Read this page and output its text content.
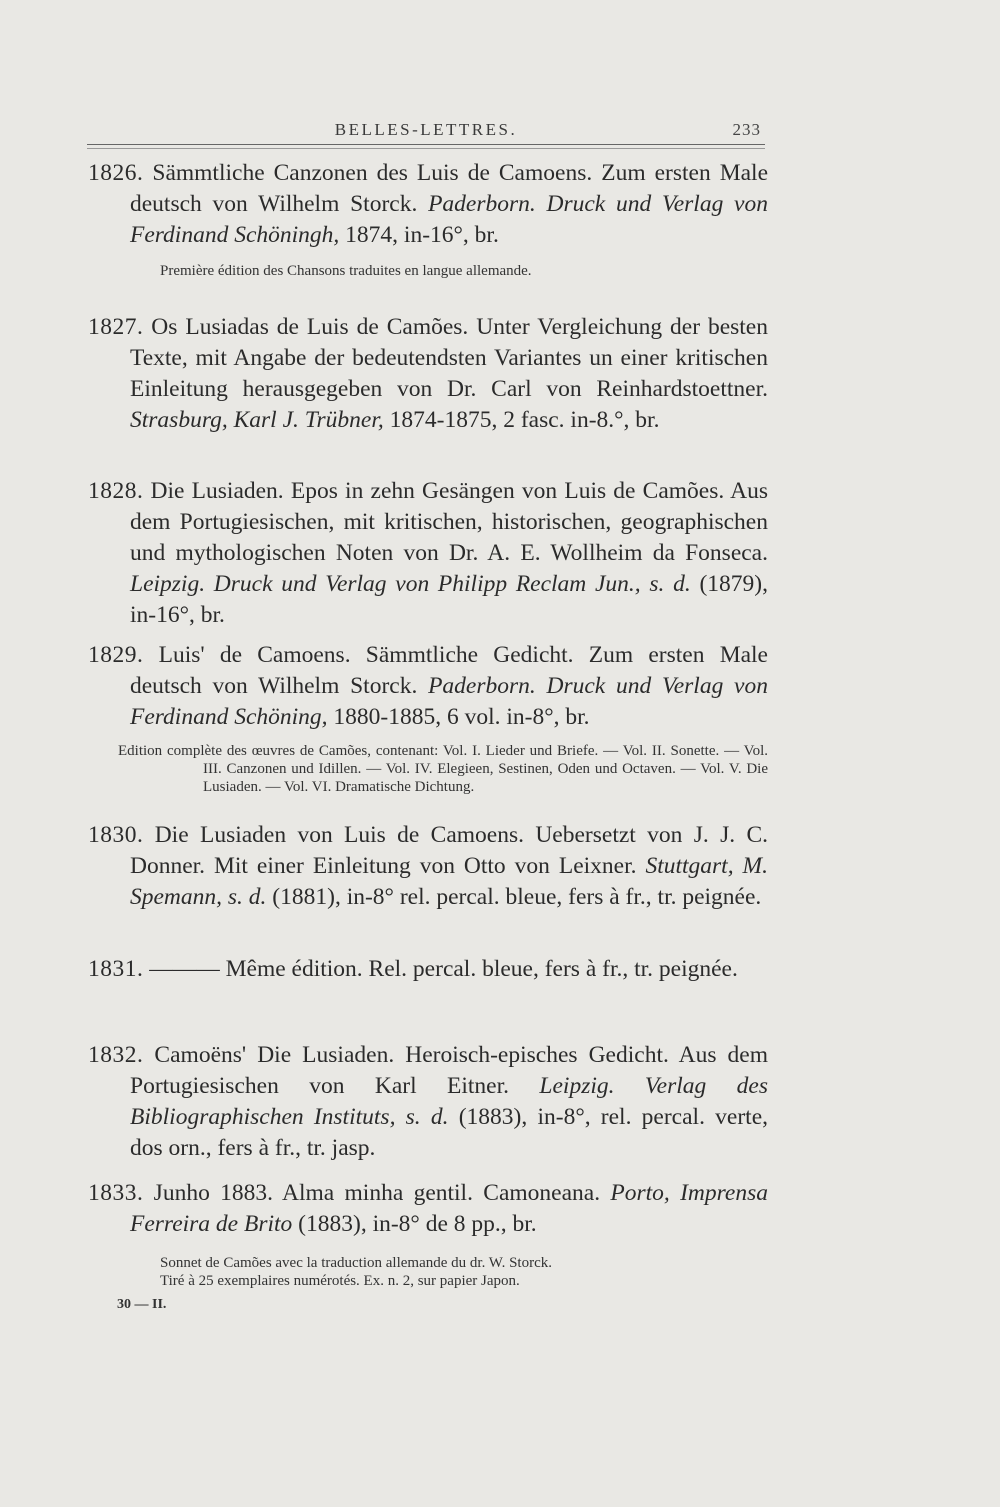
BELLES-LETTRES.	233

1826. Sämmtliche Canzonen des Luis de Camoens. Zum ersten Male deutsch von Wilhelm Storck. Paderborn. Druck und Verlag von Ferdinand Schöningh, 1874, in-16°, br.

Première édition des Chansons traduites en langue allemande.

1827. Os Lusiadas de Luis de Camões. Unter Vergleichung der besten Texte, mit Angabe der bedeutendsten Variantes un einer kritischen Einleitung herausgegeben von Dr. Carl von Reinhardstoettner. Strasburg, Karl J. Trübner, 1874-1875, 2 fasc. in-8.°, br.

1828. Die Lusiaden. Epos in zehn Gesängen von Luis de Camões. Aus dem Portugiesischen, mit kritischen, historischen, geographischen und mythologischen Noten von Dr. A. E. Wollheim da Fonseca. Leipzig. Druck und Verlag von Philipp Reclam Jun., s. d. (1879), in-16°, br.

1829. Luis' de Camoens. Sämmtliche Gedicht. Zum ersten Male deutsch von Wilhelm Storck. Paderborn. Druck und Verlag von Ferdinand Schöning, 1880-1885, 6 vol. in-8°, br.

Edition complète des œuvres de Camões, contenant: Vol. I. Lieder und Briefe. — Vol. II. Sonette. — Vol. III. Canzonen und Idillen. — Vol. IV. Elegieen, Sestinen, Oden und Octaven. — Vol. V. Die Lusiaden. — Vol. VI. Dramatische Dichtung.

1830. Die Lusiaden von Luis de Camoens. Uebersetzt von J. J. C. Donner. Mit einer Einleitung von Otto von Leixner. Stuttgart, M. Spemann, s. d. (1881), in-8° rel. percal. bleue, fers à fr., tr. peignée.

1831. ——— Même édition. Rel. percal. bleue, fers à fr., tr. peignée.

1832. Camoëns' Die Lusiaden. Heroisch-episches Gedicht. Aus dem Portugiesischen von Karl Eitner. Leipzig. Verlag des Bibliographischen Instituts, s. d. (1883), in-8°, rel. percal. verte, dos orn., fers à fr., tr. jasp.

1833. Junho 1883. Alma minha gentil. Camoneana. Porto, Imprensa Ferreira de Brito (1883), in-8° de 8 pp., br.

Sonnet de Camões avec la traduction allemande du dr. W. Storck.

Tiré à 25 exemplaires numérotés. Ex. n. 2, sur papier Japon.

30 — II.
